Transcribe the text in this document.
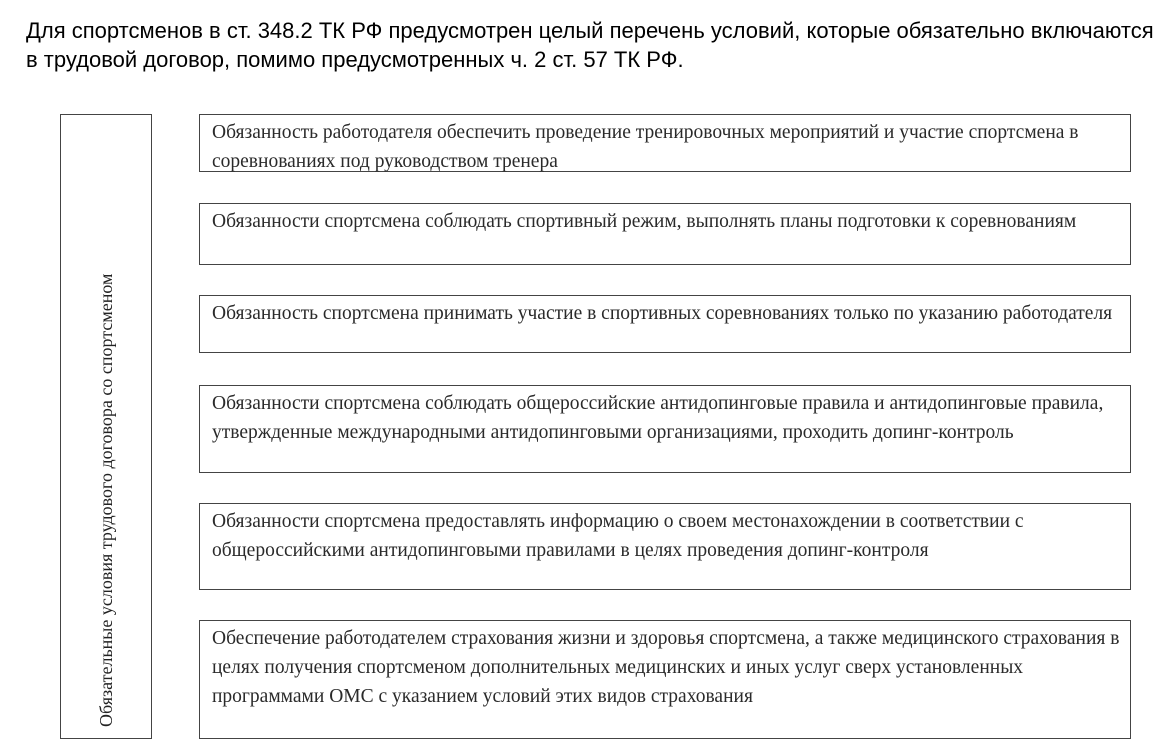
Для спортсменов в ст. 348.2 ТК РФ предусмотрен целый перечень условий, которые обязательно включаются в трудовой договор, помимо предусмотренных ч. 2 ст. 57 ТК РФ.

Обязательные условия трудового договора со спортсменом
Обязанность работодателя обеспечить проведение тренировочных мероприятий и участие спортсмена в соревнованиях под руководством тренера
Обязанности спортсмена соблюдать спортивный режим, выполнять планы подготовки к соревнованиям
Обязанность спортсмена принимать участие в спортивных соревнованиях только по указанию работодателя
Обязанности спортсмена соблюдать общероссийские антидопинговые правила и антидопинговые правила, утвержденные международными антидопинговыми организациями, проходить допинг-контроль
Обязанности спортсмена предоставлять информацию о своем местонахождении в соответствии с общероссийскими антидопинговыми правилами в целях проведения допинг-контроля
Обеспечение работодателем страхования жизни и здоровья спортсмена, а также медицинского страхования в целях получения спортсменом дополнительных медицинских и иных услуг сверх установленных программами ОМС с указанием условий этих видов страхования
